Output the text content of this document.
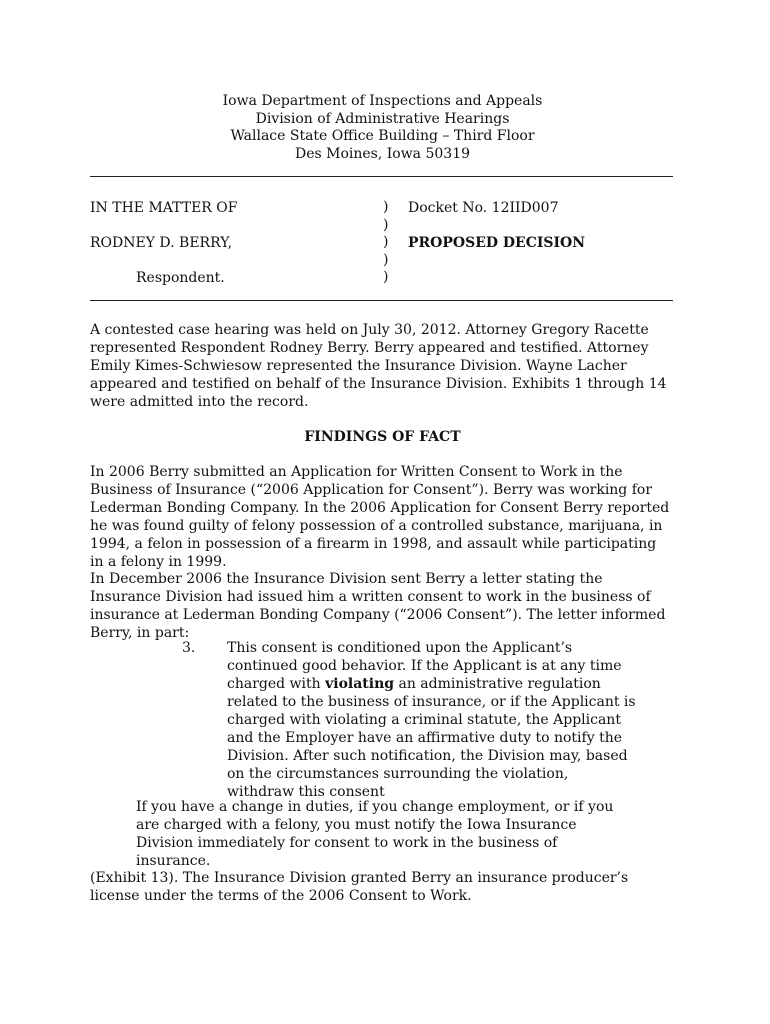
Iowa Department of Inspections and Appeals
Division of Administrative Hearings
Wallace State Office Building – Third Floor
Des Moines, Iowa 50319
IN THE MATTER OF
RODNEY D. BERRY,
Respondent.
)
)
)
)
)
Docket No. 12IID007
PROPOSED DECISION
A contested case hearing was held on July 30, 2012. Attorney Gregory Racette represented Respondent Rodney Berry. Berry appeared and testified. Attorney Emily Kimes-Schwiesow represented the Insurance Division. Wayne Lacher appeared and testified on behalf of the Insurance Division. Exhibits 1 through 14 were admitted into the record.
FINDINGS OF FACT
In 2006 Berry submitted an Application for Written Consent to Work in the Business of Insurance (“2006 Application for Consent”). Berry was working for Lederman Bonding Company. In the 2006 Application for Consent Berry reported he was found guilty of felony possession of a controlled substance, marijuana, in 1994, a felon in possession of a firearm in 1998, and assault while participating in a felony in 1999.
In December 2006 the Insurance Division sent Berry a letter stating the Insurance Division had issued him a written consent to work in the business of insurance at Lederman Bonding Company (“2006 Consent”). The letter informed Berry, in part:
3. This consent is conditioned upon the Applicant’s continued good behavior. If the Applicant is at any time charged with violating an administrative regulation related to the business of insurance, or if the Applicant is charged with violating a criminal statute, the Applicant and the Employer have an affirmative duty to notify the Division. After such notification, the Division may, based on the circumstances surrounding the violation, withdraw this consent
If you have a change in duties, if you change employment, or if you are charged with a felony, you must notify the Iowa Insurance Division immediately for consent to work in the business of insurance.
(Exhibit 13). The Insurance Division granted Berry an insurance producer’s license under the terms of the 2006 Consent to Work.
